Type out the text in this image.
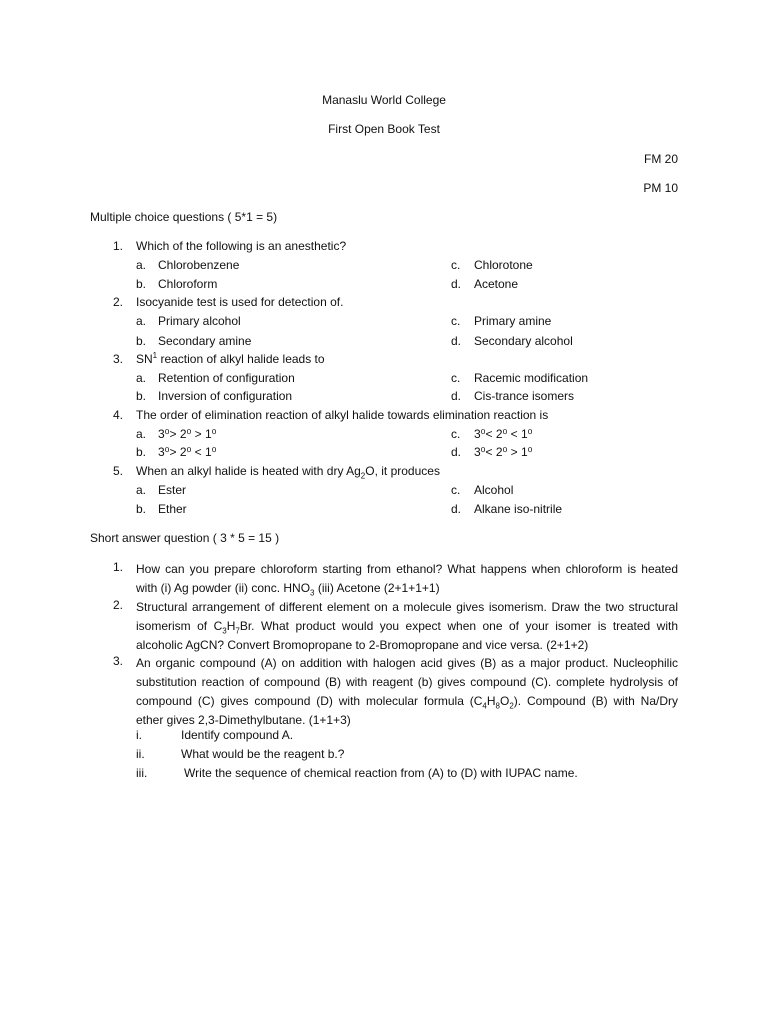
Manaslu World College
First Open Book Test
FM 20
PM 10
Multiple choice questions ( 5*1 = 5)
1. Which of the following is an anesthetic?
a. Chlorobenzene	c. Chlorotone
b. Chloroform	d. Acetone
2. Isocyanide test is used for detection of.
a. Primary alcohol	c. Primary amine
b. Secondary amine	d. Secondary alcohol
3. $SN^1$ reaction of alkyl halide leads to
a. Retention of configuration	c. Racemic modification
b. Inversion of configuration	d. Cis-trance isomers
4. The order of elimination reaction of alkyl halide towards elimination reaction is
a. 3⁰> 2⁰ > 1⁰	c. 3⁰< 2⁰ < 1⁰
b. 3⁰> 2⁰ < 1⁰	d. 3⁰< 2⁰ > 1⁰
5. When an alkyl halide is heated with dry $Ag_2O$, it produces
a. Ester	c. Alcohol
b. Ether	d. Alkane iso-nitrile
Short answer question ( 3 * 5 = 15 )
1. How can you prepare chloroform starting from ethanol? What happens when chloroform is heated with (i) Ag powder (ii) conc. $HNO_3$ (iii) Acetone (2+1+1+1)
2. Structural arrangement of different element on a molecule gives isomerism. Draw the two structural isomerism of $C_3H_7Br$. What product would you expect when one of your isomer is treated with alcoholic AgCN? Convert Bromopropane to 2-Bromopropane and vice versa. (2+1+2)
3. An organic compound (A) on addition with halogen acid gives (B) as a major product. Nucleophilic substitution reaction of compound (B) with reagent (b) gives compound (C). complete hydrolysis of compound (C) gives compound (D) with molecular formula $(C_4H_8O_2)$. Compound (B) with Na/Dry ether gives 2,3-Dimethylbutane. (1+1+3)
i.	Identify compound A.
ii.	What would be the reagent b.?
iii.	Write the sequence of chemical reaction from (A) to (D) with IUPAC name.
